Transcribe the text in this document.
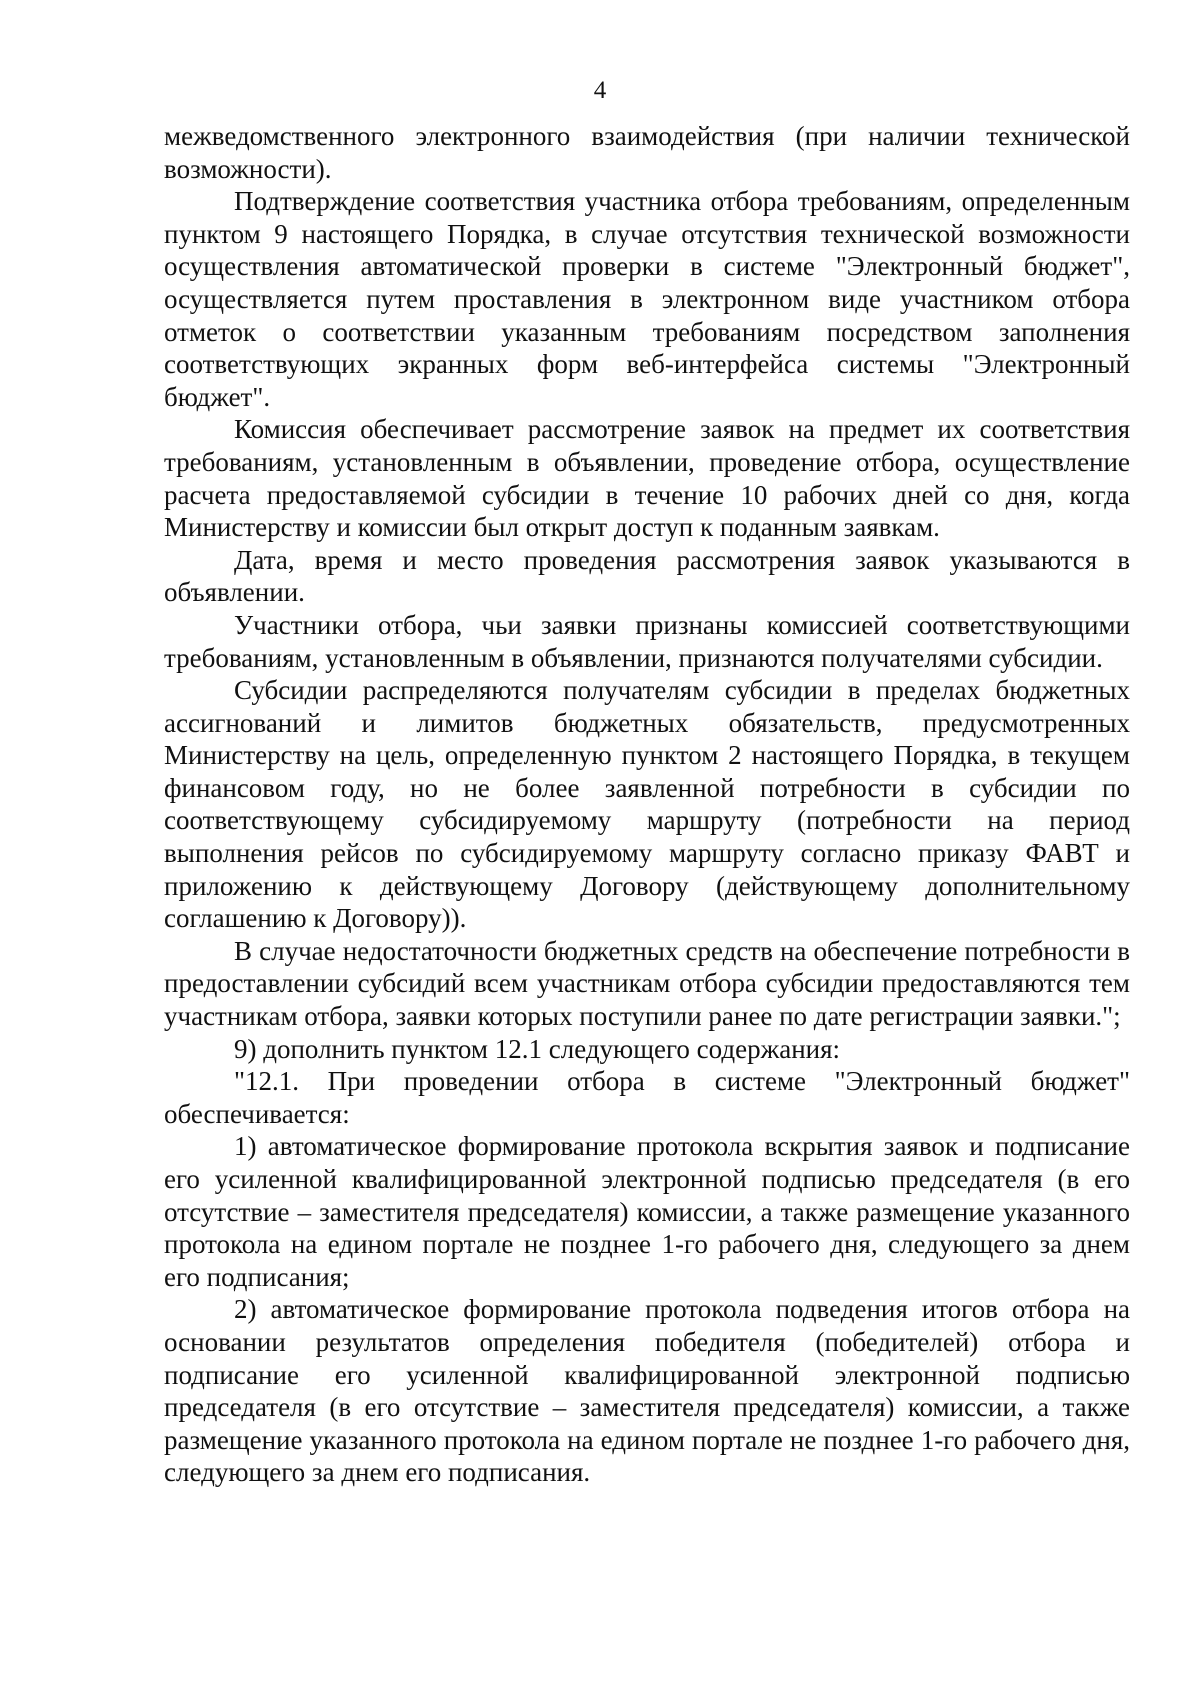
4

межведомственного электронного взаимодействия (при наличии технической возможности).

Подтверждение соответствия участника отбора требованиям, определенным пунктом 9 настоящего Порядка, в случае отсутствия технической возможности осуществления автоматической проверки в системе "Электронный бюджет", осуществляется путем проставления в электронном виде участником отбора отметок о соответствии указанным требованиям посредством заполнения соответствующих экранных форм веб-интерфейса системы "Электронный бюджет".

Комиссия обеспечивает рассмотрение заявок на предмет их соответствия требованиям, установленным в объявлении, проведение отбора, осуществление расчета предоставляемой субсидии в течение 10 рабочих дней со дня, когда Министерству и комиссии был открыт доступ к поданным заявкам.

Дата, время и место проведения рассмотрения заявок указываются в объявлении.

Участники отбора, чьи заявки признаны комиссией соответствующими требованиям, установленным в объявлении, признаются получателями субсидии.

Субсидии распределяются получателям субсидии в пределах бюджетных ассигнований и лимитов бюджетных обязательств, предусмотренных Министерству на цель, определенную пунктом 2 настоящего Порядка, в текущем финансовом году, но не более заявленной потребности в субсидии по соответствующему субсидируемому маршруту (потребности на период выполнения рейсов по субсидируемому маршруту согласно приказу ФАВТ и приложению к действующему Договору (действующему дополнительному соглашению к Договору)).

В случае недостаточности бюджетных средств на обеспечение потребности в предоставлении субсидий всем участникам отбора субсидии предоставляются тем участникам отбора, заявки которых поступили ранее по дате регистрации заявки.";

9) дополнить пунктом 12.1 следующего содержания:

"12.1. При проведении отбора в системе "Электронный бюджет" обеспечивается:

1) автоматическое формирование протокола вскрытия заявок и подписание его усиленной квалифицированной электронной подписью председателя (в его отсутствие – заместителя председателя) комиссии, а также размещение указанного протокола на едином портале не позднее 1-го рабочего дня, следующего за днем его подписания;

2) автоматическое формирование протокола подведения итогов отбора на основании результатов определения победителя (победителей) отбора и подписание его усиленной квалифицированной электронной подписью председателя (в его отсутствие – заместителя председателя) комиссии, а также размещение указанного протокола на едином портале не позднее 1-го рабочего дня, следующего за днем его подписания.
